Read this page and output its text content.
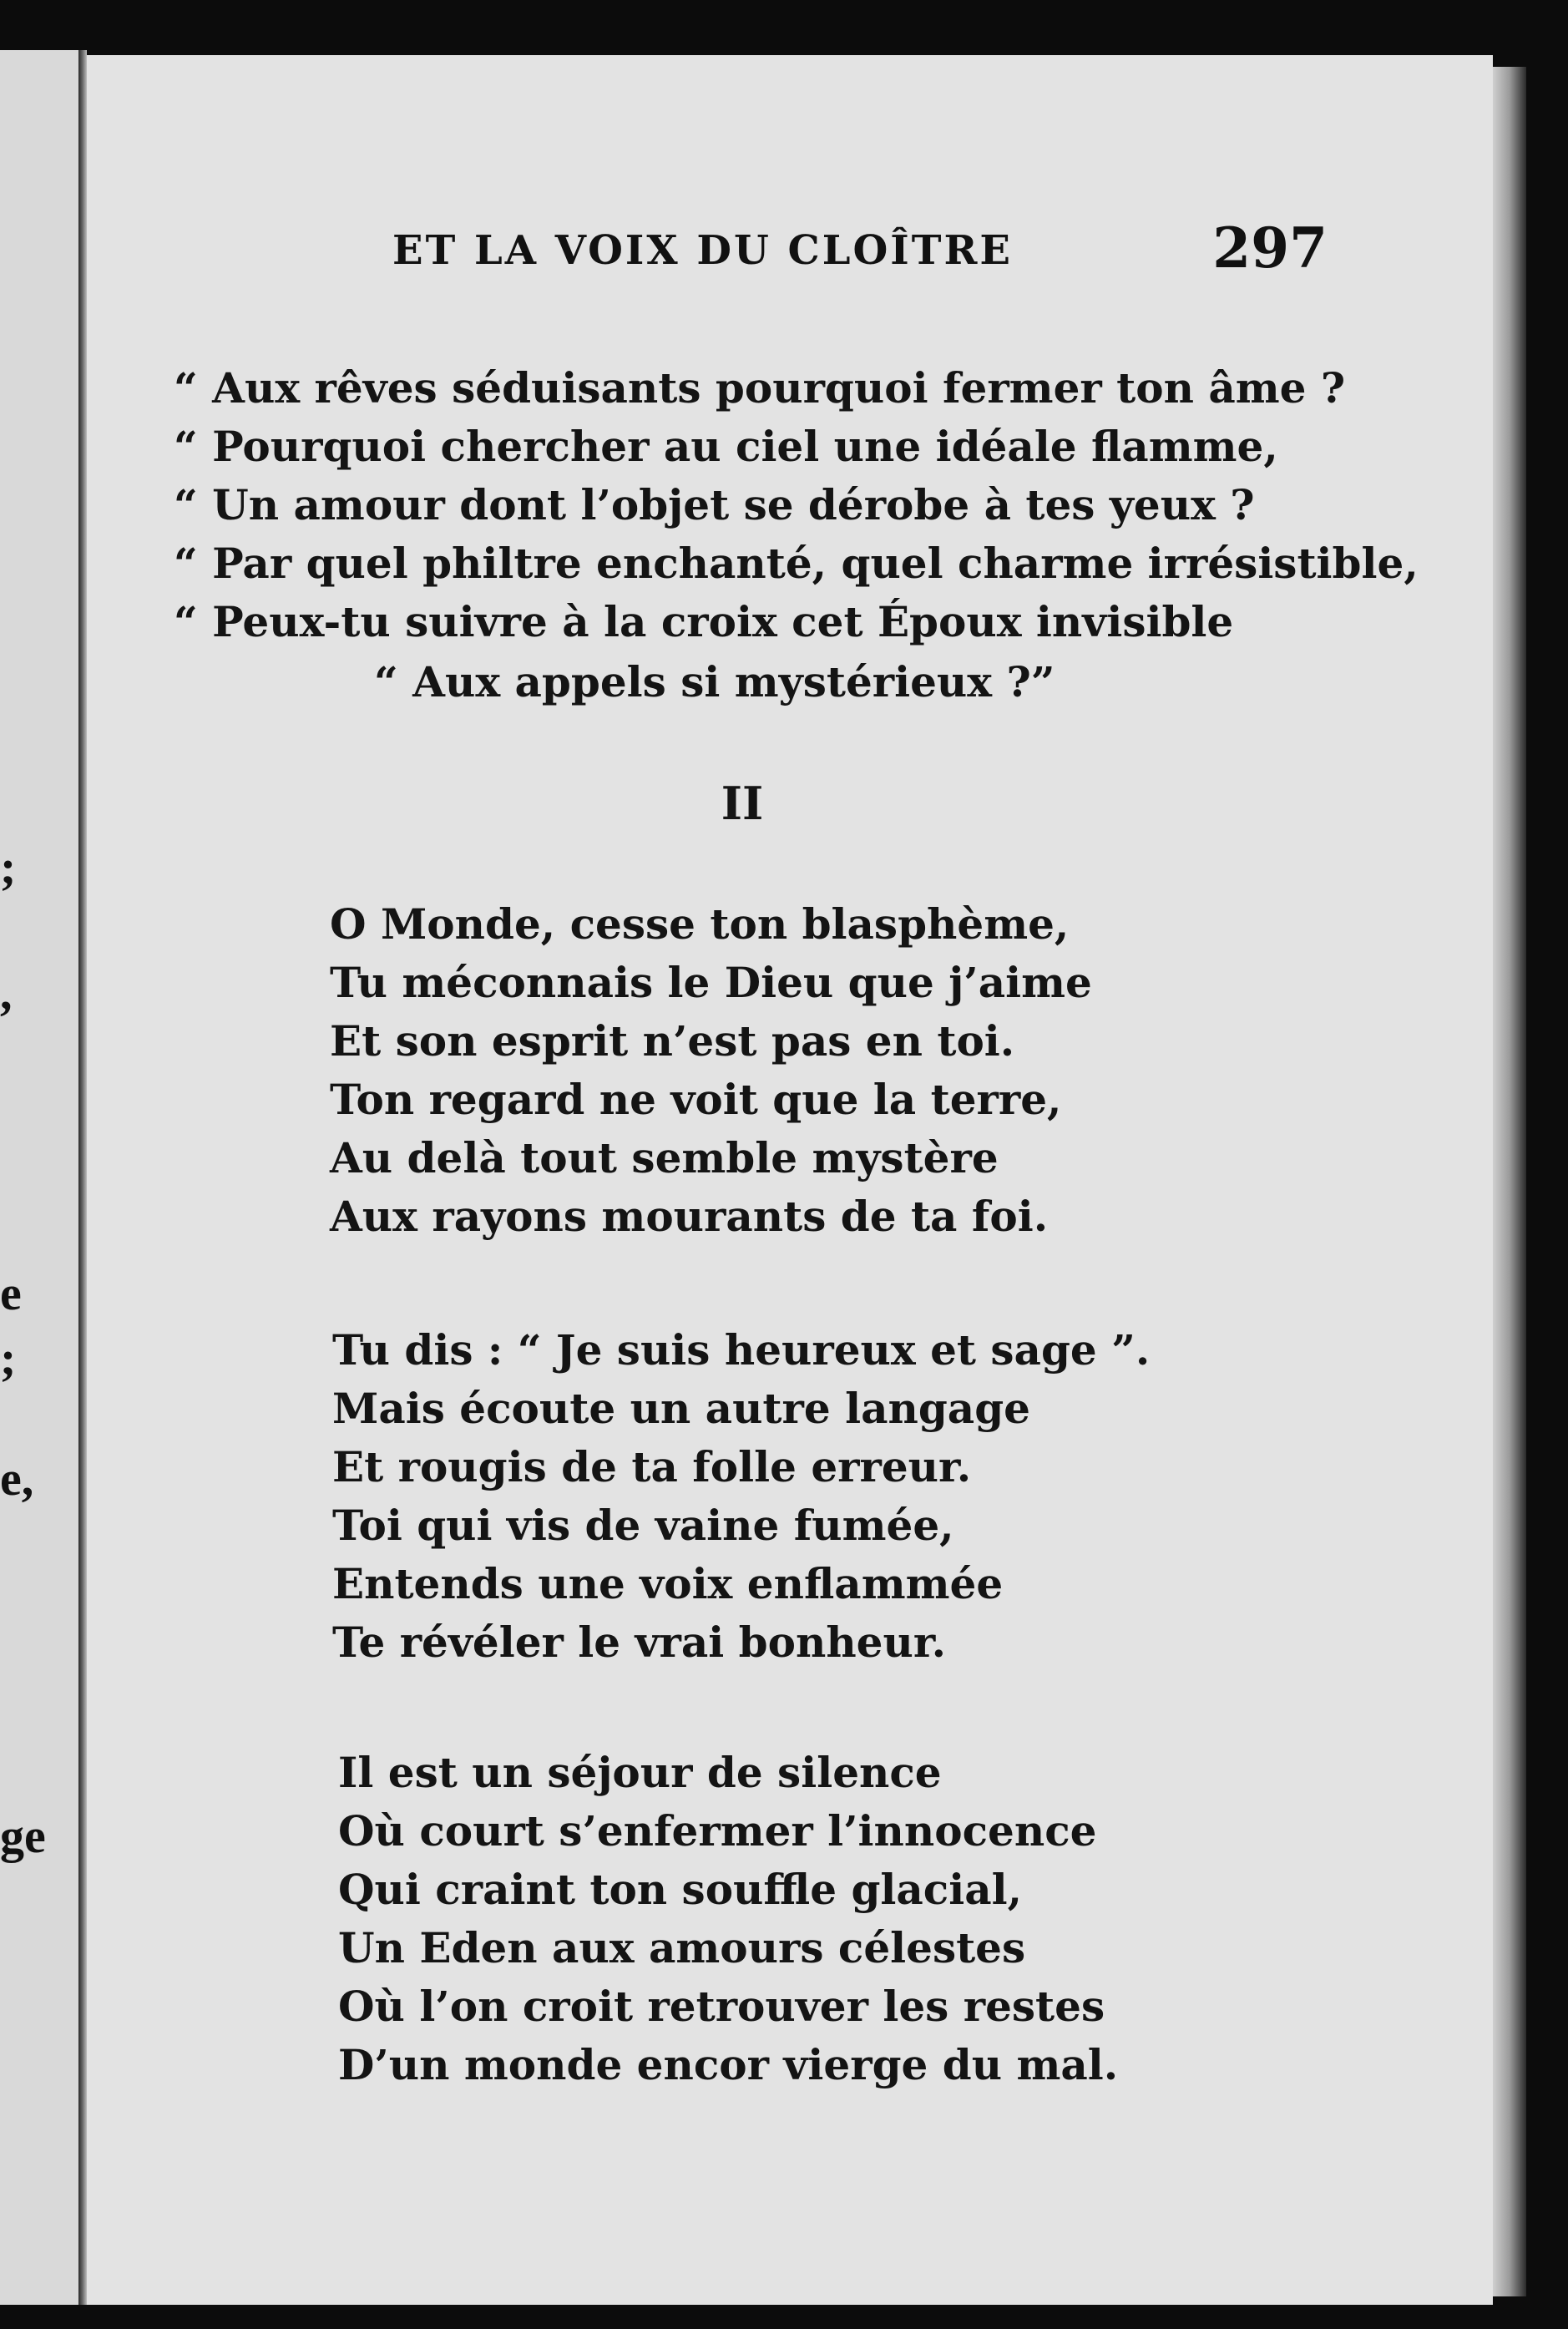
;
,
e
;
e,
ge
ET LA VOIX DU CLOÎTRE	297
“ Aux rêves séduisants pourquoi fermer ton âme ?
“ Pourquoi chercher au ciel une idéale flamme,
“ Un amour dont l’objet se dérobe à tes yeux ?
“ Par quel philtre enchanté, quel charme irrésistible,
“ Peux-tu suivre à la croix cet Époux invisible
“ Aux appels si mystérieux ?”
II
O Monde, cesse ton blasphème,
Tu méconnais le Dieu que j’aime
Et son esprit n’est pas en toi.
Ton regard ne voit que la terre,
Au delà tout semble mystère
Aux rayons mourants de ta foi.
Tu dis : “ Je suis heureux et sage ”.
Mais écoute un autre langage
Et rougis de ta folle erreur.
Toi qui vis de vaine fumée,
Entends une voix enflammée
Te révéler le vrai bonheur.
Il est un séjour de silence
Où court s’enfermer l’innocence
Qui craint ton souffle glacial,
Un Eden aux amours célestes
Où l’on croit retrouver les restes
D’un monde encor vierge du mal.
